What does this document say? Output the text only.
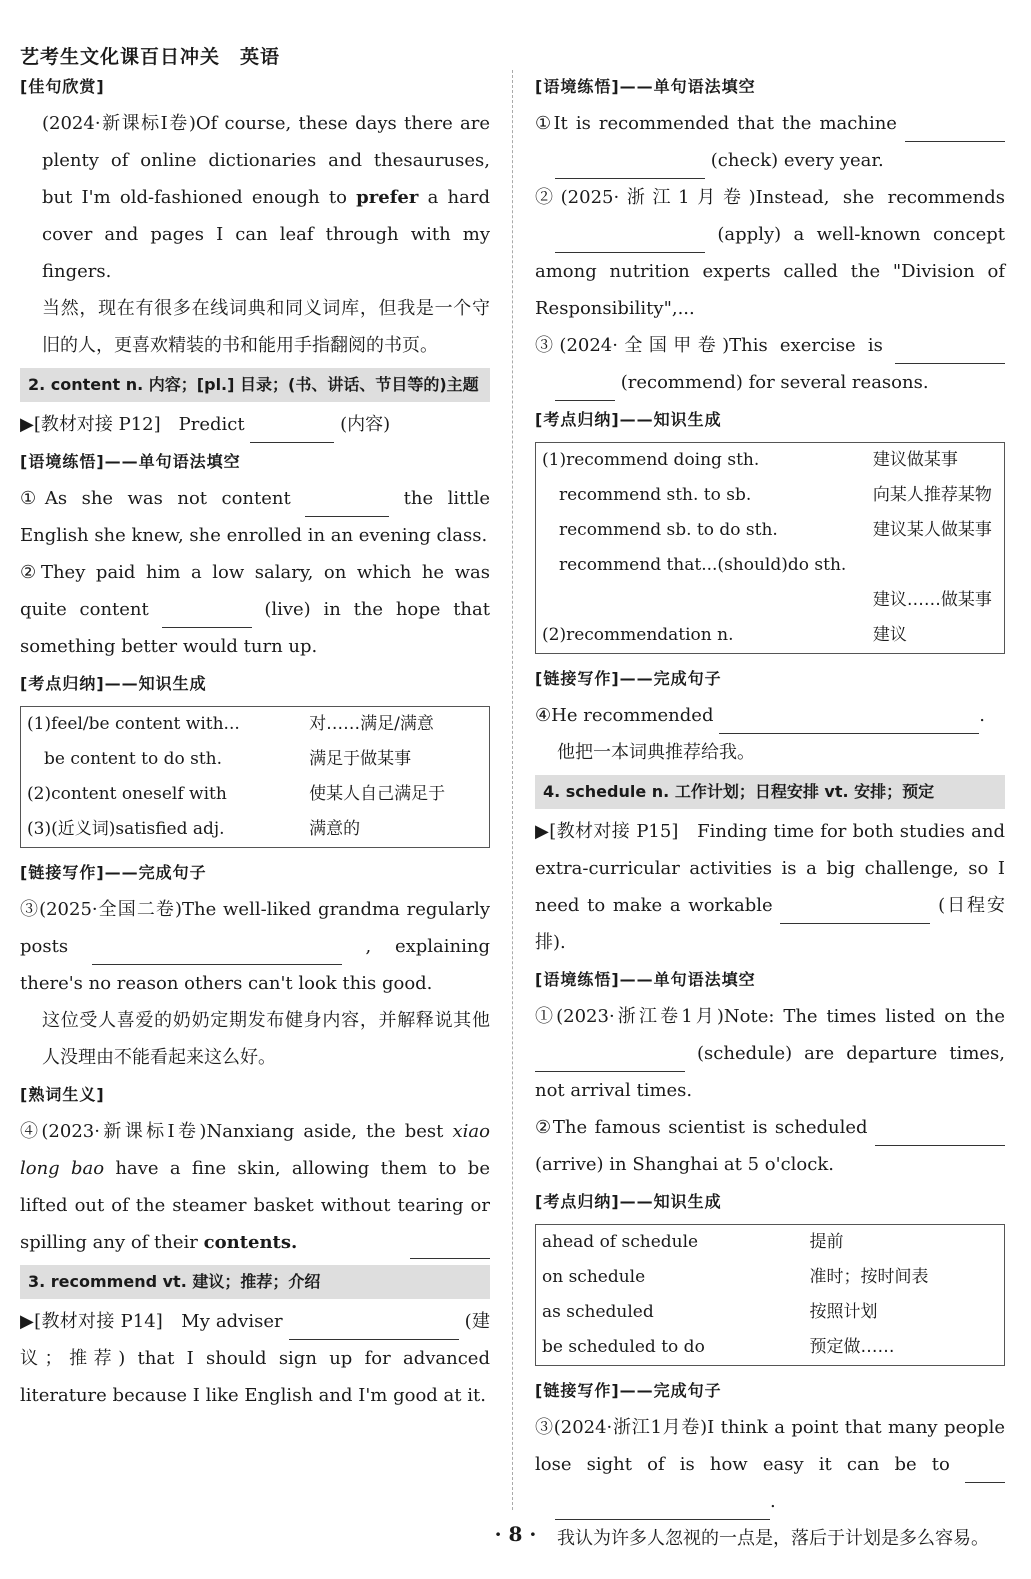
艺考生文化课百日冲关　英语
[佳句欣赏]

(2024·新课标Ⅰ卷)Of course, these days there are plenty of online dictionaries and thesauruses, but I'm old-fashioned enough to prefer a hard cover and pages I can leaf through with my fingers.

当然，现在有很多在线词典和同义词库，但我是一个守旧的人，更喜欢精装的书和能用手指翻阅的书页。

2. content n. 内容；[pl.] 目录；(书、讲话、节目等的)主题

▶[教材对接 P12]　Predict	(内容)

[语境练悟]——单句语法填空

①As she was not content	the little English she knew, she enrolled in an evening class.

②They paid him a low salary, on which he was quite content	(live) in the hope that something better would turn up.

[考点归纳]——知识生成
(1)feel/be content with...	对……满足/满意
　be content to do sth.	满足于做某事
(2)content oneself with	使某人自己满足于
(3)(近义词)satisfied adj.	满意的
[链接写作]——完成句子

③(2025·全国二卷)The well-liked grandma regularly posts	, explaining there's no reason others can't look this good.

这位受人喜爱的奶奶定期发布健身内容，并解释说其他人没理由不能看起来这么好。

[熟词生义]

④(2023·新课标Ⅰ卷)Nanxiang aside, the best xiao long bao have a fine skin, allowing them to be lifted out of the steamer basket without tearing or spilling any of their contents.

3. recommend vt. 建议；推荐；介绍

▶[教材对接 P14]　My adviser	(建议；推荐) that I should sign up for advanced literature because I like English and I'm good at it.

[语境练悟]——单句语法填空

①It is recommended that the machine   (check) every year.

②(2025·浙江1月卷)Instead, she recommends  (apply) a well-known concept among nutrition experts called the "Division of Responsibility",...

③(2024·全国甲卷)This exercise is   (recommend) for several reasons.

[考点归纳]——知识生成
(1)recommend doing sth.	建议做某事
　recommend sth. to sb.	向某人推荐某物
　recommend sb. to do sth.	建议某人做某事
　recommend that...(should)do sth.	
	建议……做某事
(2)recommendation n.	建议
[链接写作]——完成句子

④He recommended	.

他把一本词典推荐给我。

4. schedule n. 工作计划；日程安排 vt. 安排；预定

▶[教材对接 P15]　Finding time for both studies and extra-curricular activities is a big challenge, so I need to make a workable	(日程安排).

[语境练悟]——单句语法填空

①(2023·浙江卷1月)Note: The times listed on the  (schedule) are departure times, not arrival times.

②The famous scientist is scheduled  (arrive) in Shanghai at 5 o'clock.

[考点归纳]——知识生成
ahead of schedule	提前
on schedule	准时；按时间表
as scheduled	按照计划
be scheduled to do	预定做……
[链接写作]——完成句子

③(2024·浙江1月卷)I think a point that many people lose sight of is how easy it can be to  .

我认为许多人忽视的一点是，落后于计划是多么容易。

· 8 ·
